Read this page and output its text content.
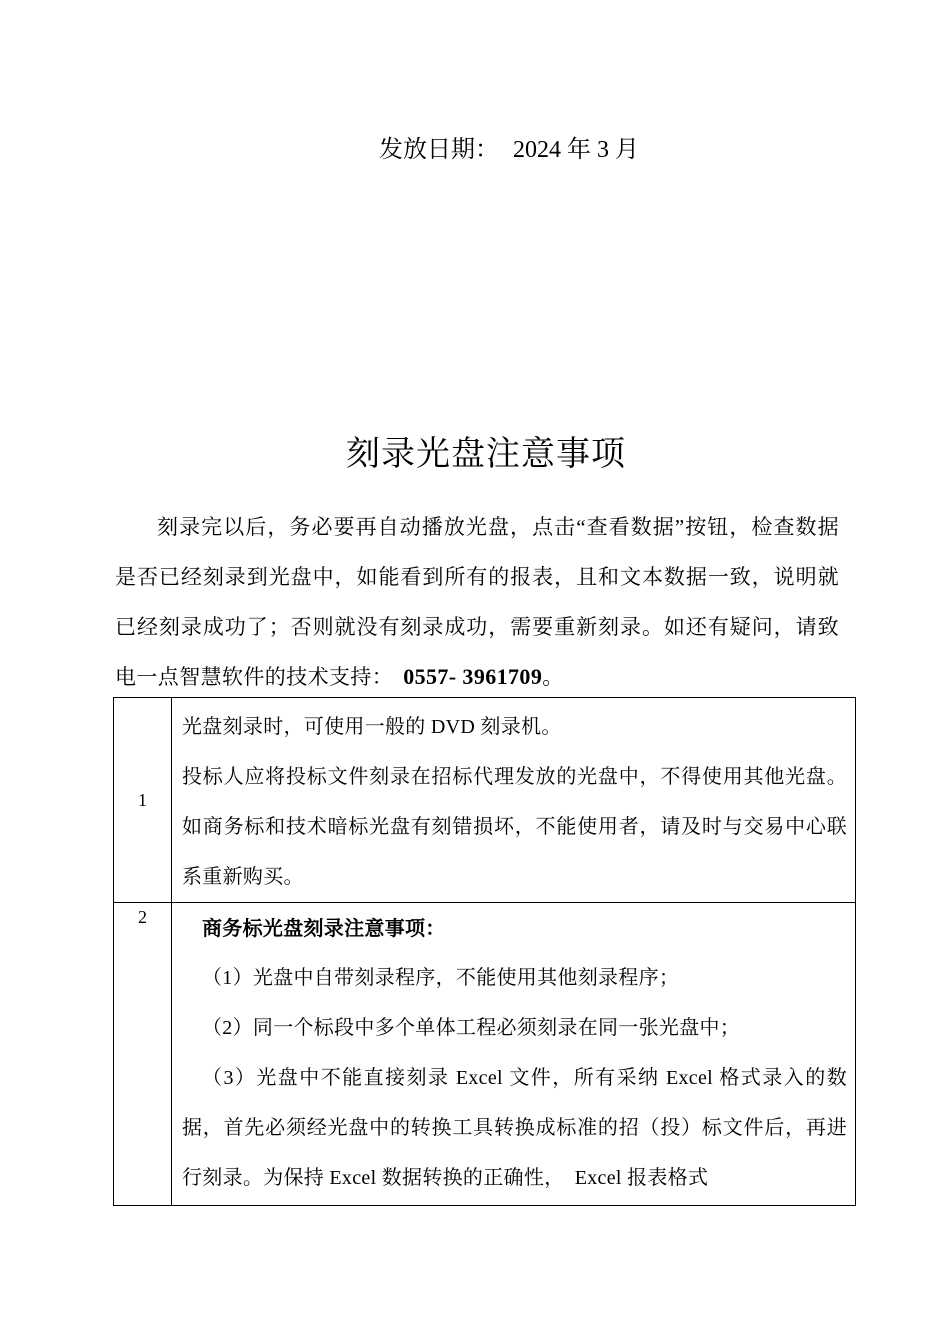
发放日期： 2024 年 3 月
刻录光盘注意事项
刻录完以后，务必要再自动播放光盘，点击“查看数据”按钮，检查数据是否已经刻录到光盘中，如能看到所有的报表，且和文本数据一致，说明就已经刻录成功了；否则就没有刻录成功，需要重新刻录。如还有疑问，请致电一点智慧软件的技术支持： 0557- 3961709。
1	光盘刻录时，可使用一般的 DVD 刻录机。
投标人应将投标文件刻录在招标代理发放的光盘中，不得使用其他光盘。如商务标和技术暗标光盘有刻错损坏，不能使用者，请及时与交易中心联系重新购买。

2	商务标光盘刻录注意事项：
（1）光盘中自带刻录程序，不能使用其他刻录程序；
（2）同一个标段中多个单体工程必须刻录在同一张光盘中；
（3）光盘中不能直接刻录 Excel 文件，所有采纳 Excel 格式录入的数据，首先必须经光盘中的转换工具转换成标准的招（投）标文件后，再进行刻录。为保持 Excel 数据转换的正确性，　Excel 报表格式
